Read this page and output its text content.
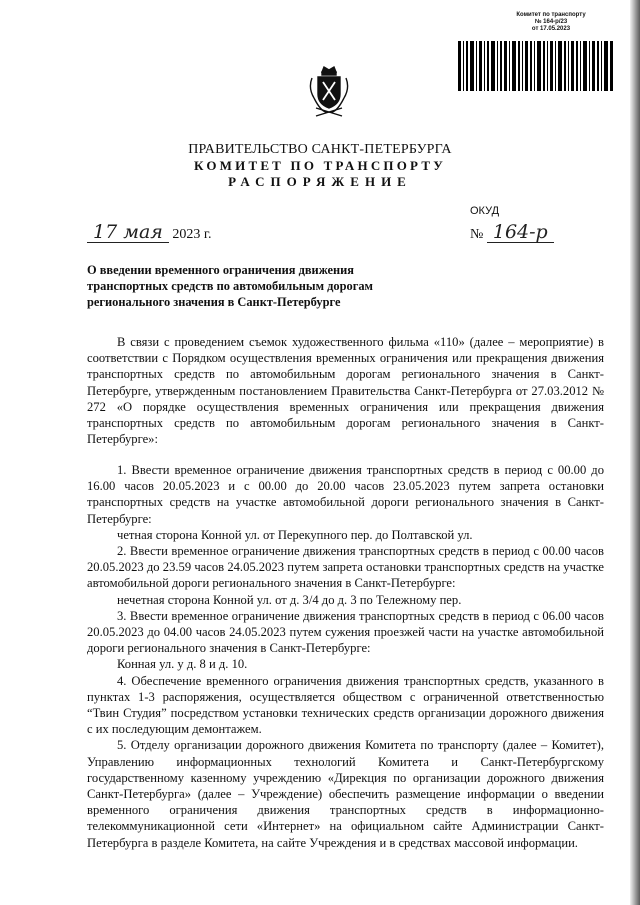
Комитет по транспорту
№ 164-р/23
от 17.05.2023
ПРАВИТЕЛЬСТВО САНКТ-ПЕТЕРБУРГА
КОМИТЕТ ПО ТРАНСПОРТУ
РАСПОРЯЖЕНИЕ
ОКУД
17 мая 2023 г.	№ 164-р
О введении временного ограничения движения транспортных средств по автомобильным дорогам регионального значения в Санкт-Петербурге

В связи с проведением съемок художественного фильма «110» (далее – мероприятие) в соответствии с Порядком осуществления временных ограничения или прекращения движения транспортных средств по автомобильным дорогам регионального значения в Санкт-Петербурге, утвержденным постановлением Правительства Санкт-Петербурга от 27.03.2012 № 272 «О порядке осуществления временных ограничения или прекращения движения транспортных средств по автомобильным дорогам регионального значения в Санкт-Петербурге»:

1. Ввести временное ограничение движения транспортных средств в период с 00.00 до 16.00 часов 20.05.2023 и с 00.00 до 20.00 часов 23.05.2023 путем запрета остановки транспортных средств на участке автомобильной дороги регионального значения в Санкт-Петербурге:

четная сторона Конной ул. от Перекупного пер. до Полтавской ул.

2. Ввести временное ограничение движения транспортных средств в период с 00.00 часов 20.05.2023 до 23.59 часов 24.05.2023 путем запрета остановки транспортных средств на участке автомобильной дороги регионального значения в Санкт-Петербурге:

нечетная сторона Конной ул. от д. 3/4 до д. 3 по Тележному пер.

3. Ввести временное ограничение движения транспортных средств в период с 06.00 часов 20.05.2023 до 04.00 часов 24.05.2023 путем сужения проезжей части на участке автомобильной дороги регионального значения в Санкт-Петербурге:

Конная ул. у д. 8 и д. 10.

4. Обеспечение временного ограничения движения транспортных средств, указанного в пунктах 1-3 распоряжения, осуществляется обществом с ограниченной ответственностью “Твин Студия” посредством установки технических средств организации дорожного движения с их последующим демонтажем.

5. Отделу организации дорожного движения Комитета по транспорту (далее – Комитет), Управлению информационных технологий Комитета и Санкт-Петербургскому государственному казенному учреждению «Дирекция по организации дорожного движения Санкт-Петербурга» (далее – Учреждение) обеспечить размещение информации о введении временного ограничения движения транспортных средств в информационно-телекоммуникационной сети «Интернет» на официальном сайте Администрации Санкт-Петербурга в разделе Комитета, на сайте Учреждения и в средствах массовой информации.
